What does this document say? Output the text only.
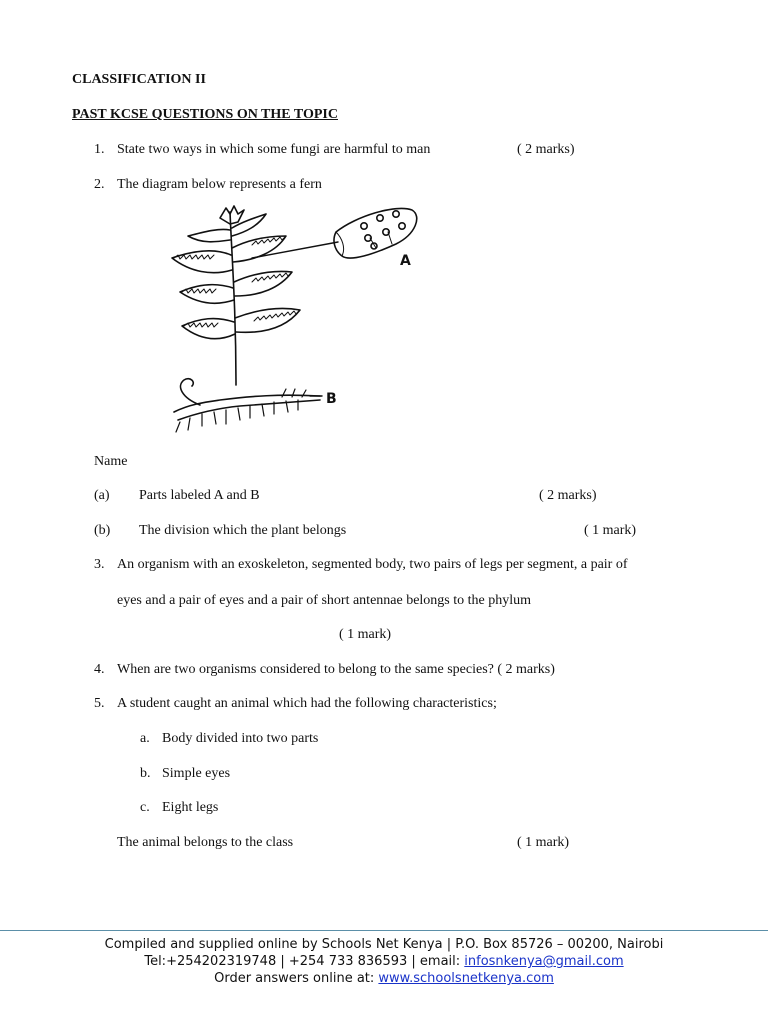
CLASSIFICATION II
PAST KCSE QUESTIONS ON THE TOPIC
1. State two ways in which some fungi are harmful to man	( 2 marks)
2. The diagram below represents a fern
A
B
Name
(a) Parts labeled A and B	( 2 marks)
(b) The division which the plant belongs	( 1 mark)
3. An organism with an exoskeleton, segmented body, two pairs of legs per segment, a pair of
eyes and a pair of eyes and a pair of short antennae belongs to the phylum
( 1 mark)
4. When are two organisms considered to belong to the same species? ( 2 marks)
5. A student caught an animal which had the following characteristics;
a. Body divided into two parts
b. Simple eyes
c. Eight legs
The animal belongs to the class	( 1 mark)
Compiled and supplied online by Schools Net Kenya | P.O. Box 85726 – 00200, Nairobi
Tel:+254202319748 | +254 733 836593 | email: infosnkenya@gmail.com
Order answers online at: www.schoolsnetkenya.com
